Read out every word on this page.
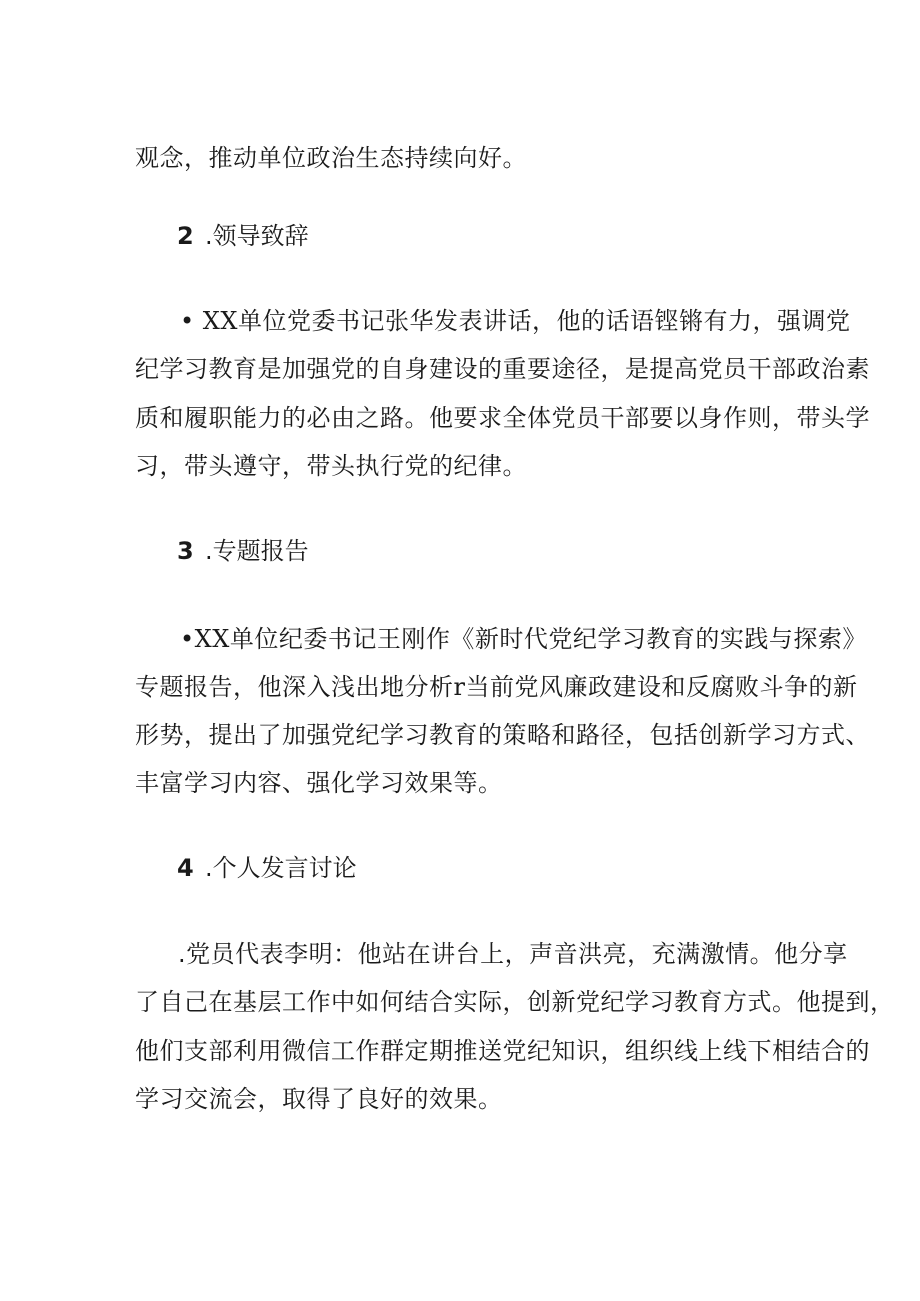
观念，推动单位政治生态持续向好。
2 .领导致辞
• XX单位党委书记张华发表讲话，他的话语铿锵有力，强调党
纪学习教育是加强党的自身建设的重要途径，是提高党员干部政治素
质和履职能力的必由之路。他要求全体党员干部要以身作则，带头学
习，带头遵守，带头执行党的纪律。
3 .专题报告
•XX单位纪委书记王刚作《新时代党纪学习教育的实践与探索》
专题报告，他深入浅出地分析r当前党风廉政建设和反腐败斗争的新
形势，提出了加强党纪学习教育的策略和路径，包括创新学习方式、
丰富学习内容、强化学习效果等。
4 .个人发言讨论
.党员代表李明：他站在讲台上，声音洪亮，充满激情。他分享
了自己在基层工作中如何结合实际，创新党纪学习教育方式。他提到，
他们支部利用微信工作群定期推送党纪知识，组织线上线下相结合的
学习交流会，取得了良好的效果。
